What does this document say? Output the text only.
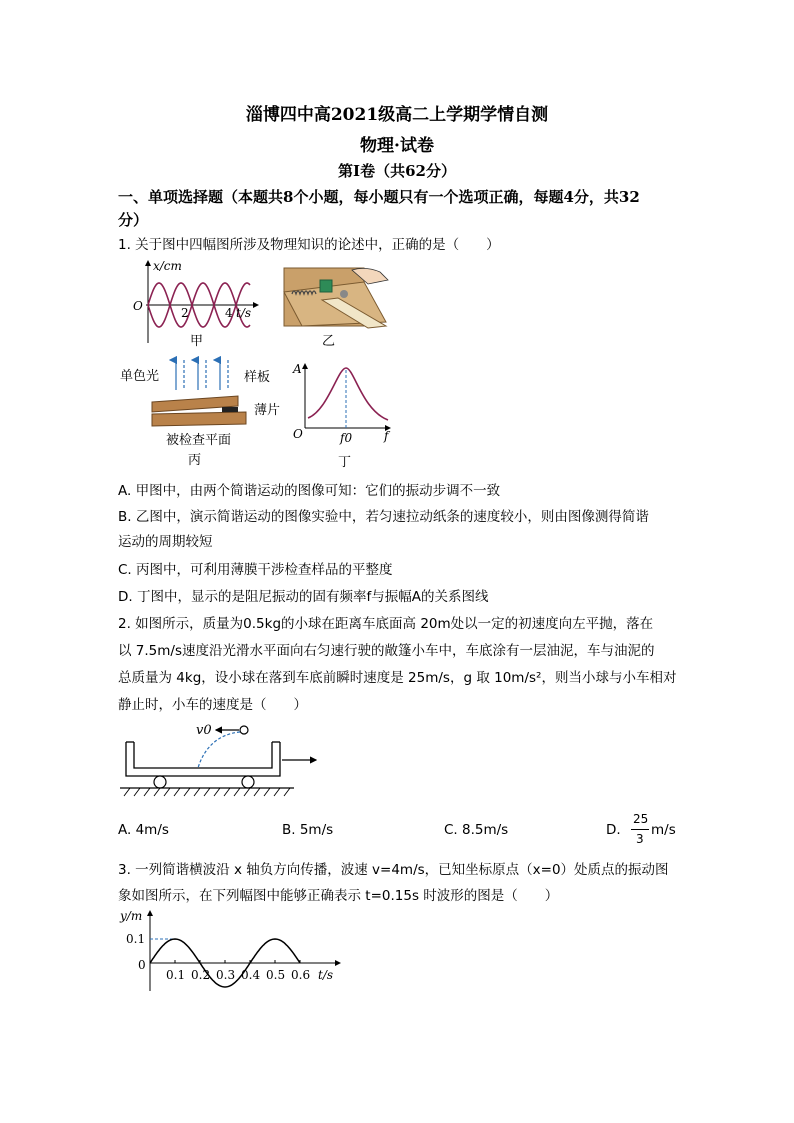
淄博四中高2021级高二上学期学情自测
物理·试卷
第I卷（共62分）
一、单项选择题（本题共8个小题，每小题只有一个选项正确，每题4分，共32
分）
1. 关于图中四幅图所涉及物理知识的论述中，正确的是（　　）
x/cm
O	2	4 t/s
甲	乙
单色光	样板
薄片
被检查平面
丙
A
O	f0	f
丁
A. 甲图中，由两个简谐运动的图像可知：它们的振动步调不一致
B. 乙图中，演示简谐运动的图像实验中，若匀速拉动纸条的速度较小，则由图像测得简谐
运动的周期较短
C. 丙图中，可利用薄膜干涉检查样品的平整度
D. 丁图中，显示的是阻尼振动的固有频率f与振幅A的关系图线
2. 如图所示，质量为0.5kg的小球在距离车底面高 20m处以一定的初速度向左平抛，落在
以 7.5m/s速度沿光滑水平面向右匀速行驶的敞篷小车中，车底涂有一层油泥，车与油泥的
总质量为 4kg，设小球在落到车底前瞬时速度是 25m/s，g 取 10m/s²，则当小球与小车相对
静止时，小车的速度是（　　）
v0
A. 4m/s	B. 5m/s	C. 8.5m/s	D.
25
3
m/s
3. 一列简谐横波沿 x 轴负方向传播，波速 v=4m/s，已知坐标原点（x=0）处质点的振动图
象如图所示，在下列幅图中能够正确表示 t=0.15s 时波形的图是（　　）
0.1 0.2 0.3 0.4 0.5 0.6
y/m
0.1
0
t/s
